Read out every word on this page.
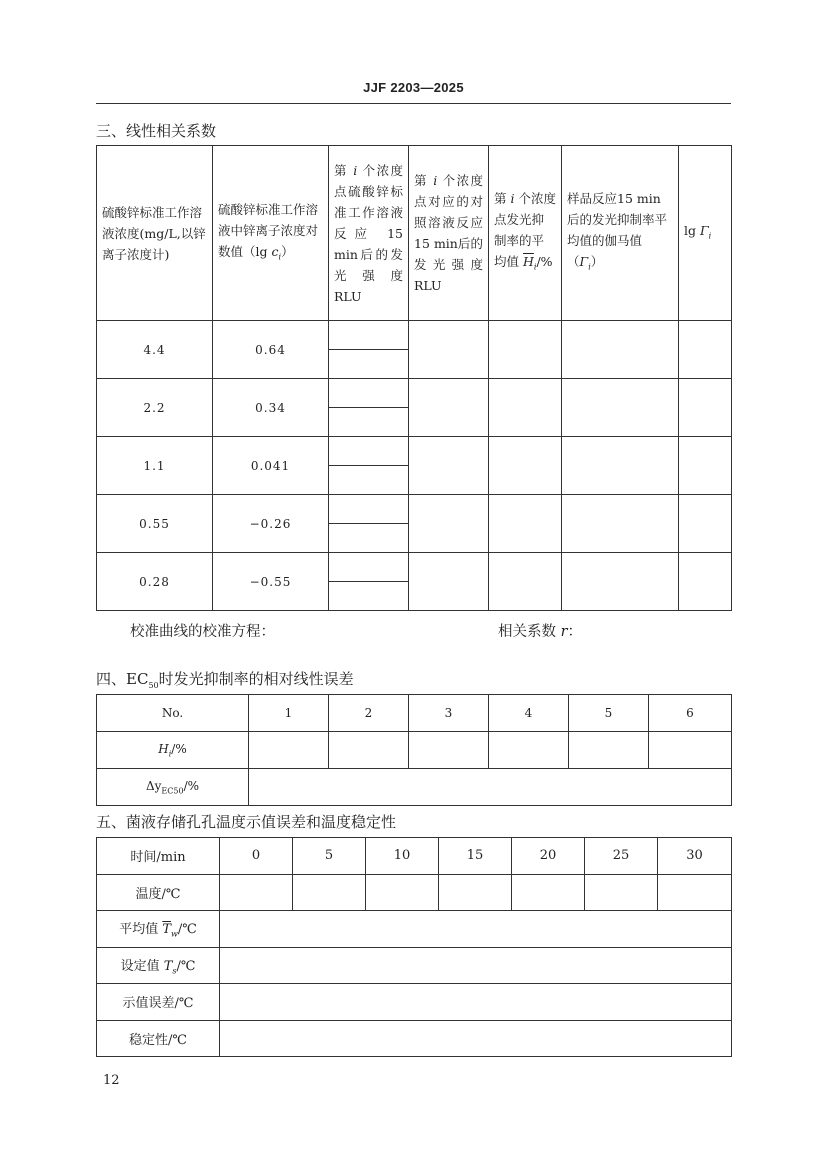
JJF 2203—2025
三、线性相关系数
硫酸锌标准工作溶液浓度(mg/L,以锌离子浓度计)	硫酸锌标准工作溶液中锌离子浓度对数值（lg $c_i$）	第 i 个浓度点硫酸锌标准工作溶液反应 15 min后的发光强度 RLU	第 i 个浓度点对应的对照溶液反应15 min后的发光强度 RLU	第 i 个浓度点发光抑制率的平　　均值 $\overline{H}_i/\%$	样品反应15 min后的发光抑制率平均值的伽马值$(\Gamma_i)$	$\lg \Gamma_i$
4.4	0.64	

2.2	0.34	

1.1	0.041	

0.55	−0.26	

0.28	−0.55	

校准曲线的校准方程：	相关系数 r：
四、$EC_{50}$时发光抑制率的相对线性误差
No.	1	2	3	4	5	6
$H_i/\%$						
$\Delta y_{EC50}/\%$						
五、菌液存储孔孔温度示值误差和温度稳定性
时间/min	0	5	10	15	20	25	30
温度/℃							
平均值 $\overline{T}_w/℃$							
设定值 $T_s/℃$							
示值误差/℃							
稳定性/℃							
12
